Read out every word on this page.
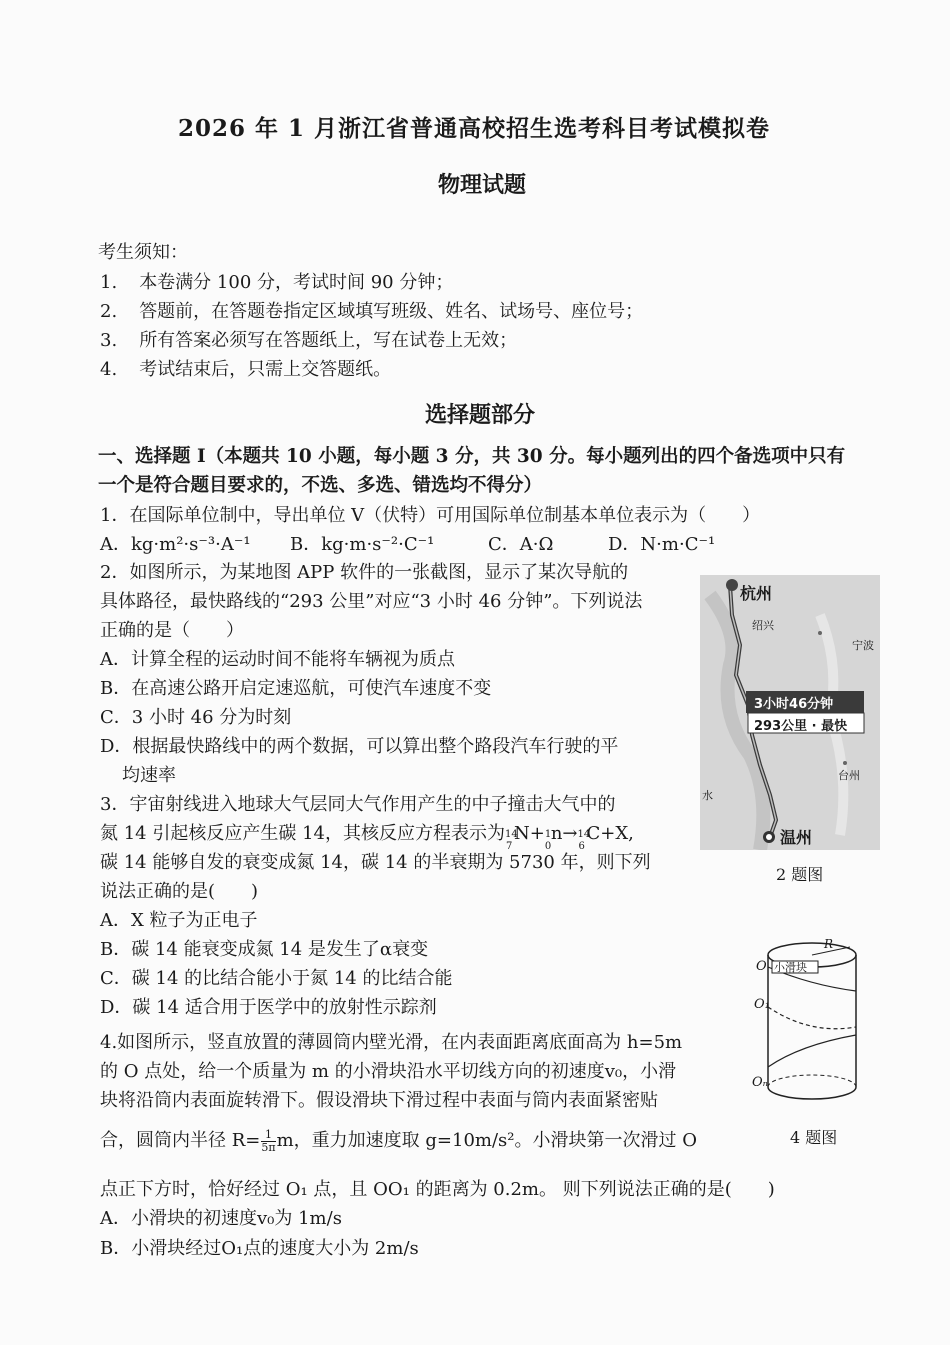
2026 年 1 月浙江省普通高校招生选考科目考试模拟卷
物理试题
考生须知：
1. 本卷满分 100 分，考试时间 90 分钟；
2. 答题前，在答题卷指定区域填写班级、姓名、试场号、座位号；
3. 所有答案必须写在答题纸上，写在试卷上无效；
4. 考试结束后，只需上交答题纸。
选择题部分
一、选择题 I（本题共 10 小题，每小题 3 分，共 30 分。每小题列出的四个备选项中只有
一个是符合题目要求的，不选、多选、错选均不得分）
1．在国际单位制中，导出单位 V（伏特）可用国际单位制基本单位表示为（　　）
A．kg·m²·s⁻³·A⁻¹ B．kg·m·s⁻²·C⁻¹	C．A·Ω	D．N·m·C⁻¹
2．如图所示，为某地图 APP 软件的一张截图，显示了某次导航的
具体路径，最快路线的“293 公里”对应“3 小时 46 分钟”。下列说法
正确的是（　　）
A．计算全程的运动时间不能将车辆视为质点
B．在高速公路开启定速巡航，可使汽车速度不变
C．3 小时 46 分为时刻
D．根据最快路线中的两个数据，可以算出整个路段汽车行驶的平
均速率
杭州
绍兴
宁波
台州
水
温州
3小时46分钟
293公里 · 最快
2 题图
3．宇宙射线进入地球大气层同大气作用产生的中子撞击大气中的
氮 14 引起核反应产生碳 14，其核反应方程表示为 14
7
N+ 1
0
n→ 14
6
C+X,
碳 14 能够自发的衰变成氮 14，碳 14 的半衰期为 5730 年，则下列
说法正确的是(　　)
A．X 粒子为正电子
B．碳 14 能衰变成氮 14 是发生了α衰变
C．碳 14 的比结合能小于氮 14 的比结合能
D．碳 14 适合用于医学中的放射性示踪剂
O 小滑块
R
O₁
Oₙ
4 题图
4.如图所示，竖直放置的薄圆筒内壁光滑，在内表面距离底面高为 h=5m
的 O 点处，给一个质量为 m 的小滑块沿水平切线方向的初速度v₀，小滑
块将沿筒内表面旋转滑下。假设滑块下滑过程中表面与筒内表面紧密贴
合，圆筒内半径 $R= \frac{1}{5\pi}$ m，重力加速度取 g=10m/s²。小滑块第一次滑过 O
点正下方时，恰好经过 O₁ 点，且 OO₁ 的距离为 0.2m。 则下列说法正确的是(　　)
A．小滑块的初速度v₀为 1m/s
B．小滑块经过O₁点的速度大小为 2m/s
